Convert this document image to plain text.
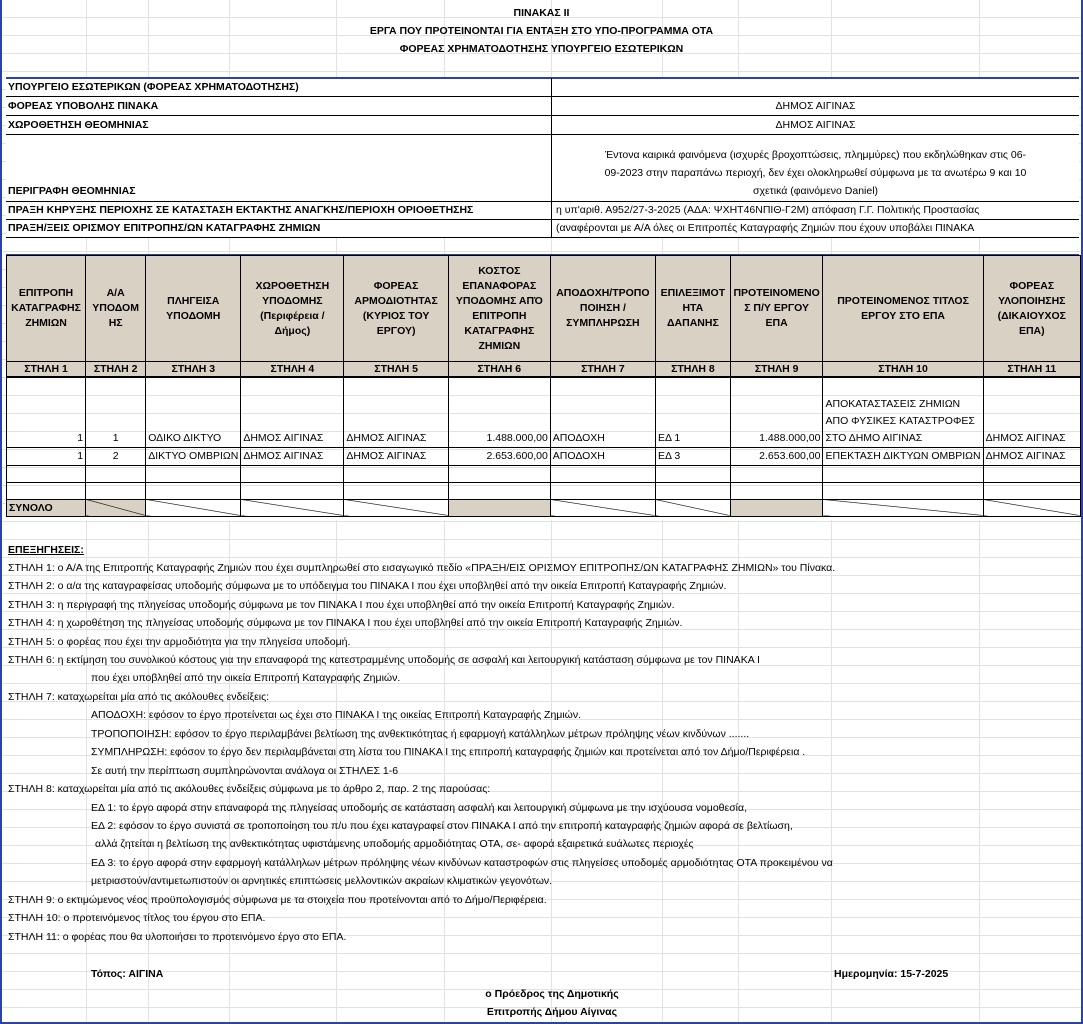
ΠΙΝΑΚΑΣ ΙΙ
ΕΡΓΑ ΠΟΥ ΠΡΟΤΕΙΝΟΝΤΑΙ ΓΙΑ ΕΝΤΑΞΗ ΣΤΟ ΥΠΟ-ΠΡΟΓΡΑΜΜΑ ΟΤΑ
ΦΟΡΕΑΣ ΧΡΗΜΑΤΟΔΟΤΗΣΗΣ ΥΠΟΥΡΓΕΙΟ ΕΣΩΤΕΡΙΚΩΝ
ΥΠΟΥΡΓΕΙΟ ΕΣΩΤΕΡΙΚΩΝ (ΦΟΡΕΑΣ ΧΡΗΜΑΤΟΔΟΤΗΣΗΣ)
ΦΟΡΕΑΣ ΥΠΟΒΟΛΗΣ ΠΙΝΑΚΑ	ΔΗΜΟΣ ΑΙΓΙΝΑΣ
ΧΩΡΟΘΕΤΗΣΗ ΘΕΟΜΗΝΙΑΣ	ΔΗΜΟΣ ΑΙΓΙΝΑΣ
ΠΕΡΙΓΡΑΦΗ ΘΕΟΜΗΝΙΑΣ
Έντονα καιρικά φαινόμενα (ισχυρές βροχοπτώσεις, πλημμύρες) που εκδηλώθηκαν στις 06-
09-2023 στην παραπάνω περιοχή, δεν έχει ολοκληρωθεί σύμφωνα με τα ανωτέρω 9 και 10
σχετικά (φαινόμενο Daniel)
ΠΡΑΞΗ ΚΗΡΥΞΗΣ ΠΕΡΙΟΧΗΣ ΣΕ ΚΑΤΑΣΤΑΣΗ ΕΚΤΑΚΤΗΣ ΑΝΑΓΚΗΣ/ΠΕΡΙΟΧΗ ΟΡΙΟΘΕΤΗΣΗΣ	η υπ'αριθ. Α952/27-3-2025 (ΑΔΑ: ΨΧΗΤ46ΝΠΙΘ-Γ2Μ) απόφαση Γ.Γ. Πολιτικής Προστασίας
ΠΡΑΞΗ/ΞΕΙΣ ΟΡΙΣΜΟΥ ΕΠΙΤΡΟΠΗΣ/ΩΝ ΚΑΤΑΓΡΑΦΗΣ ΖΗΜΙΩΝ	(αναφέρονται με Α/Α όλες οι Επιτροπές Καταγραφής Ζημιών που έχουν υποβάλει ΠΙΝΑΚΑ
ΕΠΙΤΡΟΠΗ ΚΑΤΑΓΡΑΦΗΣ ΖΗΜΙΩΝ	Α/Α ΥΠΟΔΟΜ ΗΣ	ΠΛΗΓΕΙΣΑ ΥΠΟΔΟΜΗ	ΧΩΡΟΘΕΤΗΣΗ ΥΠΟΔΟΜΗΣ (Περιφέρεια / Δήμος)	ΦΟΡΕΑΣ ΑΡΜΟΔΙΟΤΗΤΑΣ (ΚΥΡΙΟΣ ΤΟΥ ΕΡΓΟΥ)	ΚΟΣΤΟΣ ΕΠΑΝΑΦΟΡΑΣ ΥΠΟΔΟΜΗΣ ΑΠΌ ΕΠΙΤΡΟΠΗ ΚΑΤΑΓΡΑΦΗΣ ΖΗΜΙΩΝ	ΑΠΟΔΟΧΗ/ΤΡΟΠΟ ΠΟΙΗΣΗ / ΣΥΜΠΛΗΡΩΣΗ	ΕΠΙΛΕΞΙΜΟΤ ΗΤΑ ΔΑΠΑΝΗΣ	ΠΡΟΤΕΙΝΟΜΕΝΟ Σ Π/Υ ΕΡΓΟΥ ΕΠΑ	ΠΡΟΤΕΙΝΟΜΕΝΟΣ ΤΙΤΛΟΣ ΕΡΓΟΥ ΣΤΟ ΕΠΑ	ΦΟΡΕΑΣ ΥΛΟΠΟΙΗΣΗΣ (ΔΙΚΑΙΟΥΧΟΣ ΕΠΑ)
ΣΤΗΛΗ 1	ΣΤΗΛΗ 2	ΣΤΗΛΗ 3	ΣΤΗΛΗ 4	ΣΤΗΛΗ 5	ΣΤΗΛΗ 6	ΣΤΗΛΗ 7	ΣΤΗΛΗ 8	ΣΤΗΛΗ 9	ΣΤΗΛΗ 10	ΣΤΗΛΗ 11
1	1	ΟΔΙΚΟ ΔΙΚΤΥΟ	ΔΗΜΟΣ ΑΙΓΙΝΑΣ	ΔΗΜΟΣ ΑΙΓΙΝΑΣ	1.488.000,00	ΑΠΟΔΟΧΗ	ΕΔ 1	1.488.000,00	ΑΠΟΚΑΤΑΣΤΑΣΕΙΣ ΖΗΜΙΩΝ ΑΠΟ ΦΥΣΙΚΕΣ ΚΑΤΑΣΤΡΟΦΕΣ ΣΤΟ ΔΗΜΟ ΑΙΓΙΝΑΣ	ΔΗΜΟΣ ΑΙΓΙΝΑΣ
1	2	ΔΙΚΤΥΟ ΟΜΒΡΙΩΝ	ΔΗΜΟΣ ΑΙΓΙΝΑΣ	ΔΗΜΟΣ ΑΙΓΙΝΑΣ	2.653.600,00	ΑΠΟΔΟΧΗ	ΕΔ 3	2.653.600,00	ΕΠΕΚΤΑΣΗ ΔΙΚΤΥΩΝ ΟΜΒΡΙΩΝ	ΔΗΜΟΣ ΑΙΓΙΝΑΣ

ΣΥΝΟΛΟ										
ΕΠΕΞΗΓΗΣΕΙΣ:
ΣΤΗΛΗ 1: ο Α/Α της Επιτροπής Καταγραφής Ζημιών που έχει συμπληρωθεί στο εισαγωγικό πεδίο «ΠΡΑΞΗ/ΕΙΣ ΟΡΙΣΜΟΥ ΕΠΙΤΡΟΠΗΣ/ΩΝ ΚΑΤΑΓΡΑΦΗΣ ΖΗΜΙΩΝ» του Πίνακα.
ΣΤΗΛΗ 2: ο α/α της καταγραφείσας υποδομής σύμφωνα με το υπόδειγμα του ΠΙΝΑΚΑ Ι που έχει υποβληθεί από την οικεία Επιτροπή Καταγραφής Ζημιών.
ΣΤΗΛΗ 3: η περιγραφή της πληγείσας υποδομής σύμφωνα με τον ΠΙΝΑΚΑ Ι που έχει υποβληθεί από την οικεία Επιτροπή Καταγραφής Ζημιών.
ΣΤΗΛΗ 4: η χωροθέτηση της πληγείσας υποδομής σύμφωνα με τον ΠΙΝΑΚΑ Ι που έχει υποβληθεί από την οικεία Επιτροπή Καταγραφής Ζημιών.
ΣΤΗΛΗ 5: ο φορέας που έχει την αρμοδιότητα για την πληγείσα υποδομή.
ΣΤΗΛΗ 6: η εκτίμηση του συνολικού κόστους για την επαναφορά της κατεστραμμένης υποδομής σε ασφαλή και λειτουργική κατάσταση σύμφωνα με τον ΠΙΝΑΚΑ Ι
που έχει υποβληθεί από την οικεία Επιτροπή Καταγραφής Ζημιών.
ΣΤΗΛΗ 7: καταχωρείται μία από τις ακόλουθες ενδείξεις:
ΑΠΟΔΟΧΗ: εφόσον το έργο προτείνεται ως έχει στο ΠΙΝΑΚΑ Ι της οικείας Επιτροπή Καταγραφής Ζημιών.
ΤΡΟΠΟΠΟΙΗΣΗ: εφόσον το έργο περιλαμβάνει βελτίωση της ανθεκτικότητας ή εφαρμογή κατάλληλων μέτρων πρόληψης νέων κινδύνων .......
ΣΥΜΠΛΗΡΩΣΗ: εφόσον το έργο δεν περιλαμβάνεται στη λίστα του ΠΙΝΑΚΑ Ι της επιτροπή καταγραφής ζημιών και προτείνεται από τον Δήμο/Περιφέρεια .
Σε αυτή την περίπτωση συμπληρώνονται ανάλογα οι ΣΤΗΛΕΣ 1-6
ΣΤΗΛΗ 8: καταχωρείται μία από τις ακόλουθες ενδείξεις σύμφωνα με το άρθρο 2, παρ. 2 της παρούσας:
ΕΔ 1: το έργο αφορά στην επαναφορά της πληγείσας υποδομής σε κατάσταση ασφαλή και λειτουργική σύμφωνα με την ισχύουσα νομοθεσία,
ΕΔ 2: εφόσον το έργο συνιστά σε τροποποίηση του π/υ που έχει καταγραφεί στον ΠΙΝΑΚΑ Ι από την επιτροπή καταγραφής ζημιών αφορά σε βελτίωση,
αλλά ζητείται η βελτίωση της ανθεκτικότητας υφιστάμενης υποδομής αρμοδιότητας ΟΤΑ, σε- αφορά εξαιρετικά ευάλωτες περιοχές
ΕΔ 3: το έργο αφορά στην εφαρμογή κατάλληλων μέτρων πρόληψης νέων κινδύνων καταστροφών στις πληγείσες υποδομές αρμοδιότητας ΟΤΑ προκειμένου να
μετριαστούν/αντιμετωπιστούν οι αρνητικές επιπτώσεις μελλοντικών ακραίων κλιματικών γεγονότων.
ΣΤΗΛΗ 9: ο εκτιμώμενος νέος προϋπολογισμός σύμφωνα με τα στοιχεία που προτείνονται από το Δήμο/Περιφέρεια.
ΣΤΗΛΗ 10: ο προτεινόμενος τίτλος του έργου στο ΕΠΑ.
ΣΤΗΛΗ 11: ο φορέας που θα υλοποιήσει το προτεινόμενο έργο στο ΕΠΑ.
Τόπος: ΑΙΓΙΝΑ	Ημερομηνία: 15-7-2025
ο Πρόεδρος της Δημοτικής
Επιτροπής Δήμου Αίγινας
